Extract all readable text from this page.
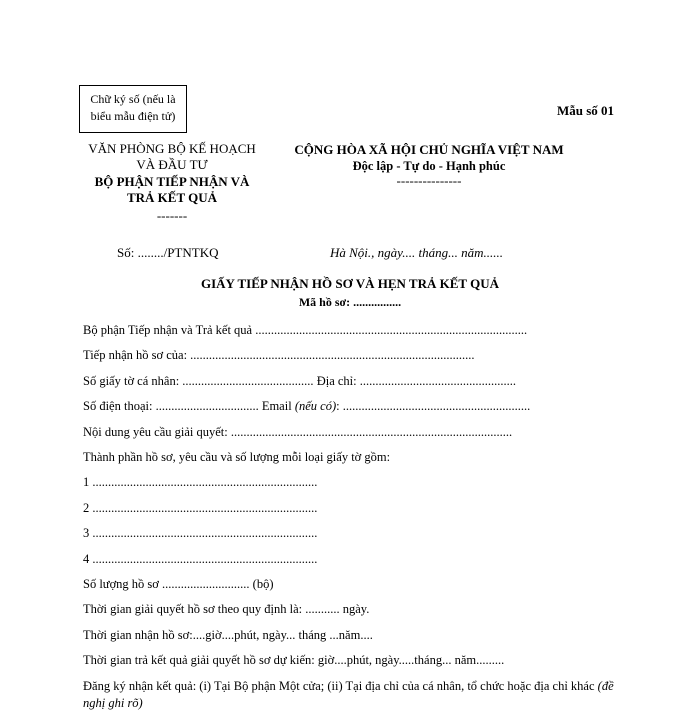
Chữ ký số (nếu là biểu mẫu điện tử)	Mẫu số 01
VĂN PHÒNG BỘ KẾ HOẠCH VÀ ĐẦU TƯ
BỘ PHẬN TIẾP NHẬN VÀ TRẢ KẾT QUẢ
-------
CỘNG HÒA XÃ HỘI CHỦ NGHĨA VIỆT NAM
Độc lập - Tự do - Hạnh phúc
---------------
Số: ......../PTNTKQ	Hà Nội., ngày.... tháng... năm......
GIẤY TIẾP NHẬN HỒ SƠ VÀ HẸN TRẢ KẾT QUẢ
Mã hồ sơ: ................
Bộ phận Tiếp nhận và Trả kết quả .......................................................................................
Tiếp nhận hồ sơ của: ...........................................................................................
Số giấy tờ cá nhân: .......................................... Địa chỉ: ..................................................
Số điện thoại: ................................. Email (nếu có): ............................................................
Nội dung yêu cầu giải quyết: ..........................................................................................
Thành phần hồ sơ, yêu cầu và số lượng mỗi loại giấy tờ gồm:
1 ........................................................................
2 ........................................................................
3 ........................................................................
4 ........................................................................
Số lượng hồ sơ ............................ (bộ)
Thời gian giải quyết hồ sơ theo quy định là: ........... ngày.
Thời gian nhận hồ sơ:....giờ....phút, ngày... tháng ...năm....
Thời gian trả kết quả giải quyết hồ sơ dự kiến: giờ....phút, ngày.....tháng... năm.........
Đăng ký nhận kết quả: (i) Tại Bộ phận Một cửa; (ii) Tại địa chỉ của cá nhân, tổ chức hoặc địa chỉ khác (đề nghị ghi rõ)
